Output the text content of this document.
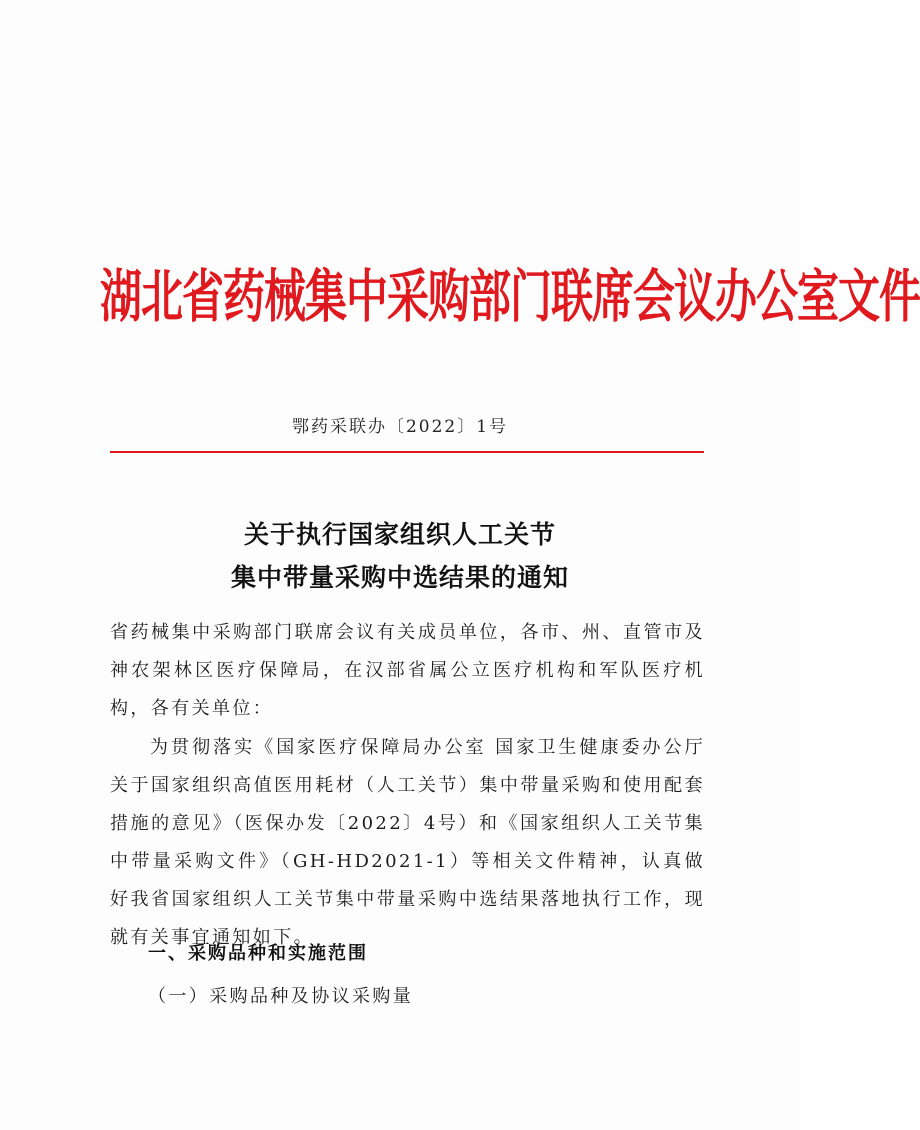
湖北省药械集中采购部门联席会议办公室文件
鄂药采联办〔2022〕1号
关于执行国家组织人工关节
集中带量采购中选结果的通知
省药械集中采购部门联席会议有关成员单位，各市、州、直管市及神农架林区医疗保障局，在汉部省属公立医疗机构和军队医疗机构，各有关单位：
为贯彻落实《国家医疗保障局办公室 国家卫生健康委办公厅关于国家组织高值医用耗材（人工关节）集中带量采购和使用配套措施的意见》（医保办发〔2022〕4号）和《国家组织人工关节集中带量采购文件》（GH-HD2021-1）等相关文件精神，认真做好我省国家组织人工关节集中带量采购中选结果落地执行工作，现就有关事宜通知如下。
一、采购品种和实施范围
（一）采购品种及协议采购量
